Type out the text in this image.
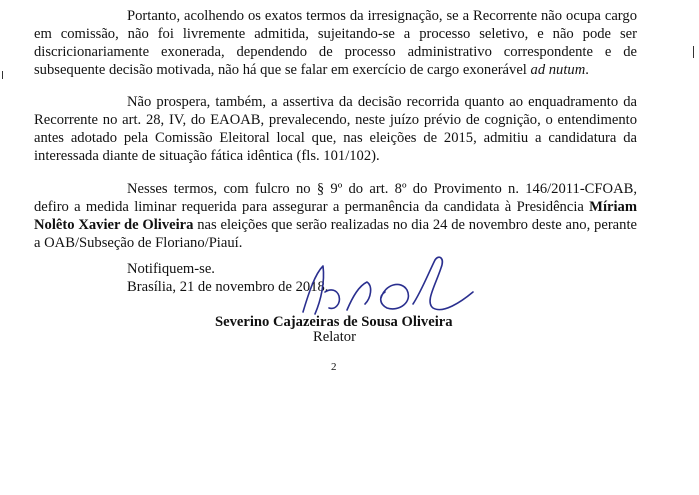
Portanto, acolhendo os exatos termos da irresignação, se a Recorrente não ocupa cargo em comissão, não foi livremente admitida, sujeitando-se a processo seletivo, e não pode ser discricionariamente exonerada, dependendo de processo administrativo correspondente e de subsequente decisão motivada, não há que se falar em exercício de cargo exonerável ad nutum.

Não prospera, também, a assertiva da decisão recorrida quanto ao enquadramento da Recorrente no art. 28, IV, do EAOAB, prevalecendo, neste juízo prévio de cognição, o entendimento antes adotado pela Comissão Eleitoral local que, nas eleições de 2015, admitiu a candidatura da interessada diante de situação fática idêntica (fls. 101/102).

Nesses termos, com fulcro no § 9º do art. 8º do Provimento n. 146/2011-CFOAB, defiro a medida liminar requerida para assegurar a permanência da candidata à Presidência Míriam Nolêto Xavier de Oliveira nas eleições que serão realizadas no dia 24 de novembro deste ano, perante a OAB/Subseção de Floriano/Piauí.

Notifiquem-se.
Brasília, 21 de novembro de 2018.
Severino Cajazeiras de Sousa Oliveira
Relator
2
